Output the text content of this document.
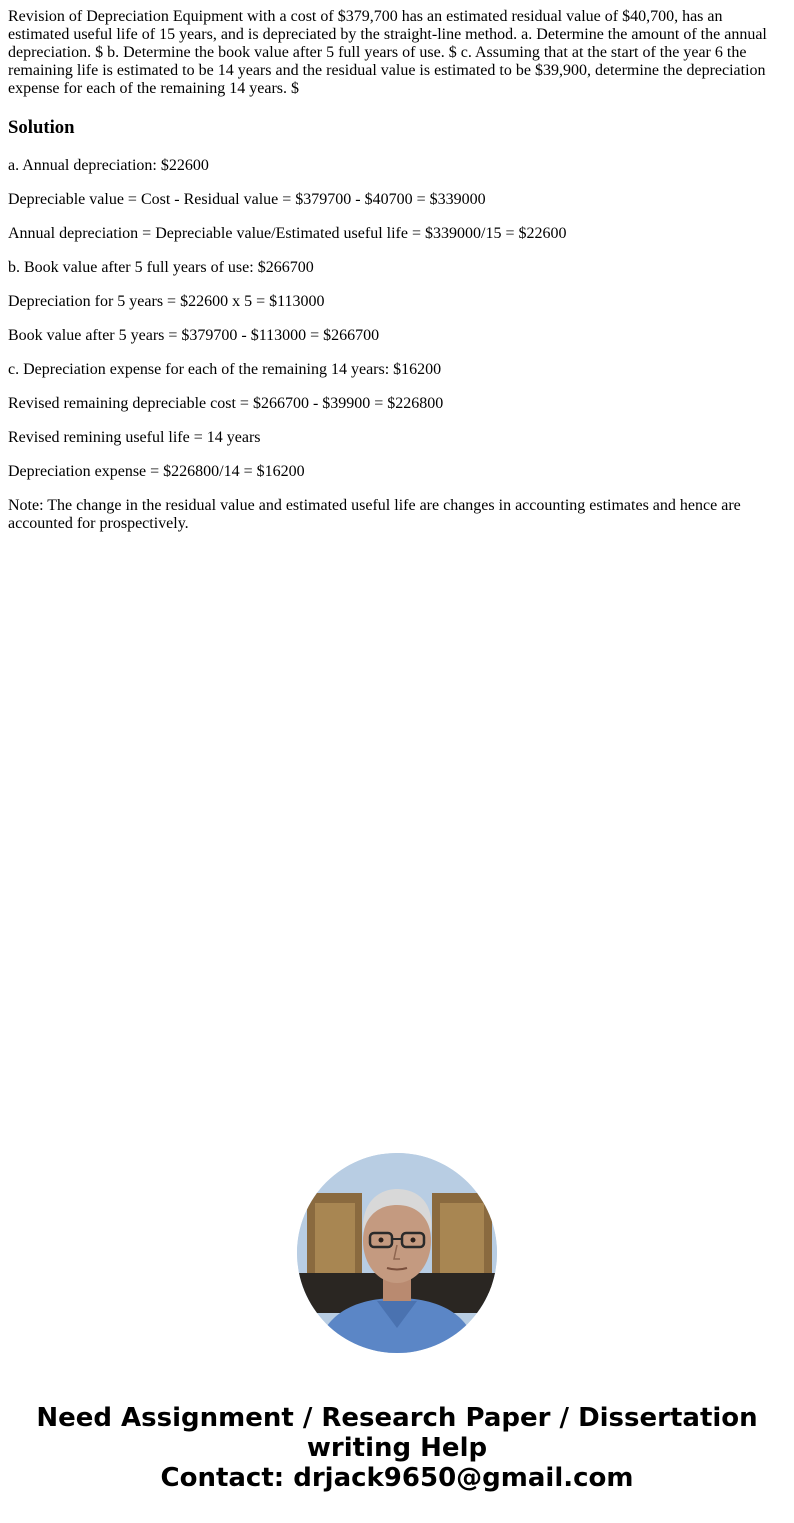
Revision of Depreciation Equipment with a cost of $379,700 has an estimated residual value of $40,700, has an estimated useful life of 15 years, and is depreciated by the straight-line method. a. Determine the amount of the annual depreciation. $ b. Determine the book value after 5 full years of use. $ c. Assuming that at the start of the year 6 the remaining life is estimated to be 14 years and the residual value is estimated to be $39,900, determine the depreciation expense for each of the remaining 14 years. $

Solution

a. Annual depreciation: $22600

Depreciable value = Cost - Residual value = $379700 - $40700 = $339000

Annual depreciation = Depreciable value/Estimated useful life = $339000/15 = $22600

b. Book value after 5 full years of use: $266700

Depreciation for 5 years = $22600 x 5 = $113000

Book value after 5 years = $379700 - $113000 = $266700

c. Depreciation expense for each of the remaining 14 years: $16200

Revised remaining depreciable cost = $266700 - $39900 = $226800

Revised remining useful life = 14 years

Depreciation expense = $226800/14 = $16200

Note: The change in the residual value and estimated useful life are changes in accounting estimates and hence are accounted for prospectively.

Need Assignment / Research Paper / Dissertation
writing Help
Contact: drjack9650@gmail.com
